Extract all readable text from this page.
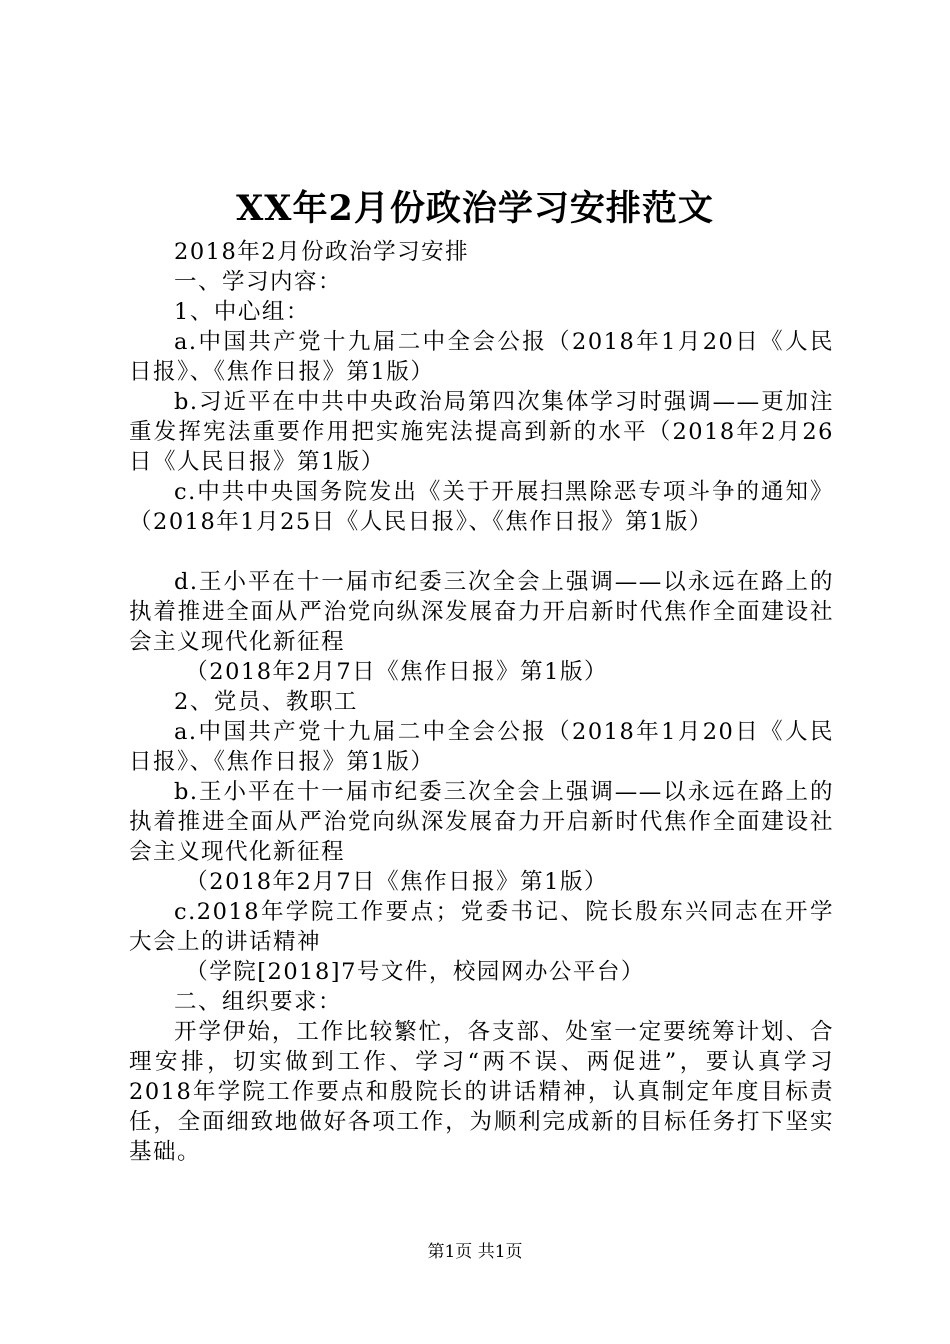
XX年2月份政治学习安排范文

2018年2月份政治学习安排

一、学习内容：

1、中心组：

a.中国共产党十九届二中全会公报（2018年1月20日《人民日报》、《焦作日报》第1版）

b.习近平在中共中央政治局第四次集体学习时强调——更加注重发挥宪法重要作用把实施宪法提高到新的水平（2018年2月26日《人民日报》第1版）

c.中共中央国务院发出《关于开展扫黑除恶专项斗争的通知》（2018年1月25日《人民日报》、《焦作日报》第1版）

d.王小平在十一届市纪委三次全会上强调——以永远在路上的执着推进全面从严治党向纵深发展奋力开启新时代焦作全面建设社会主义现代化新征程

（2018年2月7日《焦作日报》第1版）

2、党员、教职工

a.中国共产党十九届二中全会公报（2018年1月20日《人民日报》、《焦作日报》第1版）

b.王小平在十一届市纪委三次全会上强调——以永远在路上的执着推进全面从严治党向纵深发展奋力开启新时代焦作全面建设社会主义现代化新征程

（2018年2月7日《焦作日报》第1版）

c.2018年学院工作要点；党委书记、院长殷东兴同志在开学大会上的讲话精神

（学院[2018]7号文件，校园网办公平台）

二、组织要求：

开学伊始，工作比较繁忙，各支部、处室一定要统筹计划、合理安排，切实做到工作、学习“两不误、两促进”，要认真学习2018年学院工作要点和殷院长的讲话精神，认真制定年度目标责任，全面细致地做好各项工作，为顺利完成新的目标任务打下坚实基础。

第1页 共1页
